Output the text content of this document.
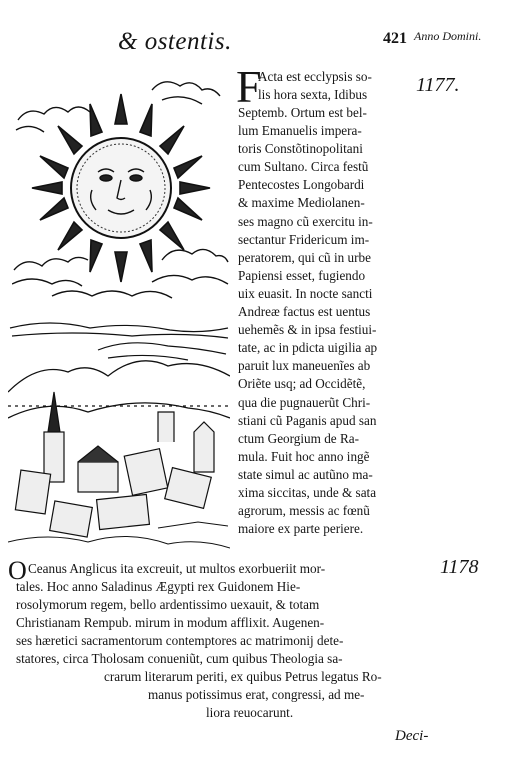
& ostentis.	421 Anno Domini.
1177.
1178
F
Acta est ecclypsis so-
lis hora sexta, Idibus
Septemb. Ortum est bel-
lum Emanuelis impera-
toris Constõtinopolitani
cum Sultano. Circa festũ
Pentecostes Longobardi
& maxime Mediolanen-
ses magno cũ exercitu in-
sectantur Fridericum im-
peratorem, qui cũ in urbe
Papiensi esset, fugiendo
uix euasit. In nocte sancti
Andreæ factus est uentus
uehemẽs & in ipsa festiui-
tate, ac in pdicta uigilia ap
paruit lux maneuenĩes ab
Oriẽte usq; ad Occidẽtẽ,
qua die pugnauerũt Chri-
stiani cũ Paganis apud san
ctum Georgium de Ra-
mula. Fuit hoc anno ingẽ
state simul ac autũno ma-
xima siccitas, unde & sata
agrorum, messis ac fœnũ
maiore ex parte periere.
O Ceanus Anglicus ita excreuit, ut multos exorbueriit mor-
tales. Hoc anno Saladinus Ægypti rex Guidonem Hie-
rosolymorum regem, bello ardentissimo uexauit, & totam
Christianam Rempub. mirum in modum afflixit. Augenen-
ses hæretici sacramentorum contemptores ac matrimonij dete-
statores, circa Tholosam conueniũt, cum quibus Theologia sa-
crarum literarum periti, ex quibus Petrus legatus Ro-
manus potissimus erat, congressi, ad me-
liora reuocarunt.
Deci-
